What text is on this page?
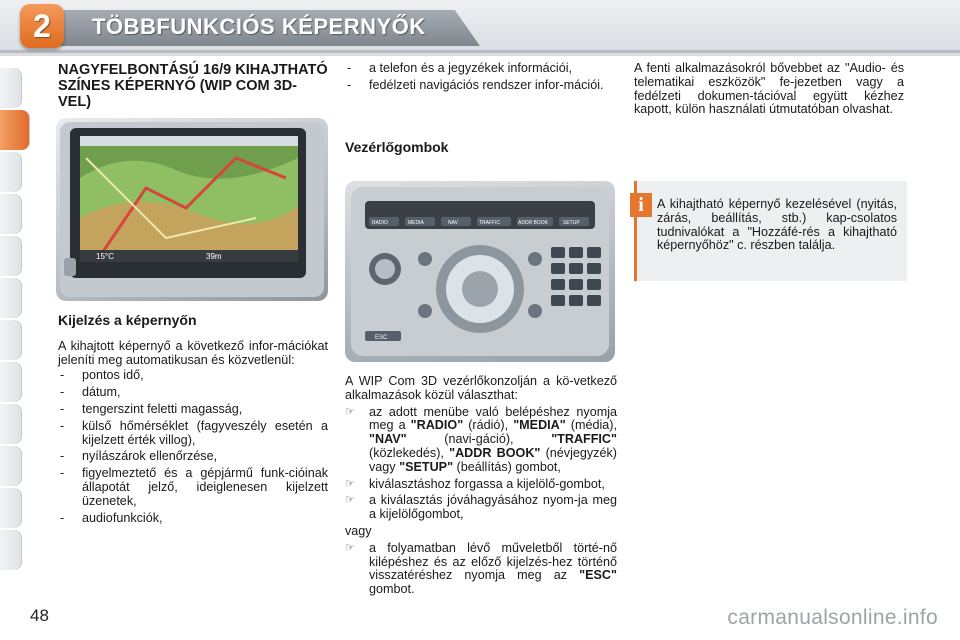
2	TÖBBFUNKCIÓS KÉPERNYŐK
NAGYFELBONTÁSÚ 16/9 KIHAJTHATÓ SZÍNES KÉPERNYŐ (WIP COM 3D-VEL)
15°C	39m
Kijelzés a képernyőn

A kihajtott képernyő a következő infor-mációkat jeleníti meg automatikusan és közvetlenül:

- pontos idő,
- dátum,
- tengerszint feletti magasság,
- külső hőmérséklet (fagyveszély esetén a kijelzett érték villog),
- nyílászárok ellenőrzése,
- figyelmeztető és a gépjármű funk-cióinak állapotát jelző, ideiglenesen kijelzett üzenetek,
- audiofunkciók,
- a telefon és a jegyzékek információi,
- fedélzeti navigációs rendszer infor-mációi.
Vezérlőgombok
RADIO	MEDIA	NAV	TRAFFIC	ADDR BOOK	SETUP
ESC

A WIP Com 3D vezérlőkonzolján a kö-vetkező alkalmazások közül választhat:

☞ az adott menübe való belépéshez nyomja meg a "RADIO" (rádió), "MEDIA" (média), "NAV" (navi-gáció), "TRAFFIC" (közlekedés), "ADDR BOOK" (névjegyzék) vagy "SETUP" (beállítás) gombot,
☞ kiválasztáshoz forgassa a kijelölő-gombot,
☞ a kiválasztás jóváhagyásához nyom-ja meg a kijelölőgombot,

vagy

☞ a folyamatban lévő műveletből törté-nő kilépéshez és az előző kijelzés-hez történő visszatéréshez nyomja meg az "ESC" gombot.

A fenti alkalmazásokról bővebbet az "Audio- és telematikai eszközök" fe-jezetben vagy a fedélzeti dokumen-tációval együtt kézhez kapott, külön használati útmutatóban olvashat.

i	A kihajtható képernyő kezelésével (nyitás, zárás, beállítás, stb.) kap-csolatos tudnivalókat a "Hozzáfé-rés a kihajtható képernyőhöz" c. részben találja.

48	carmanualsonline.info
